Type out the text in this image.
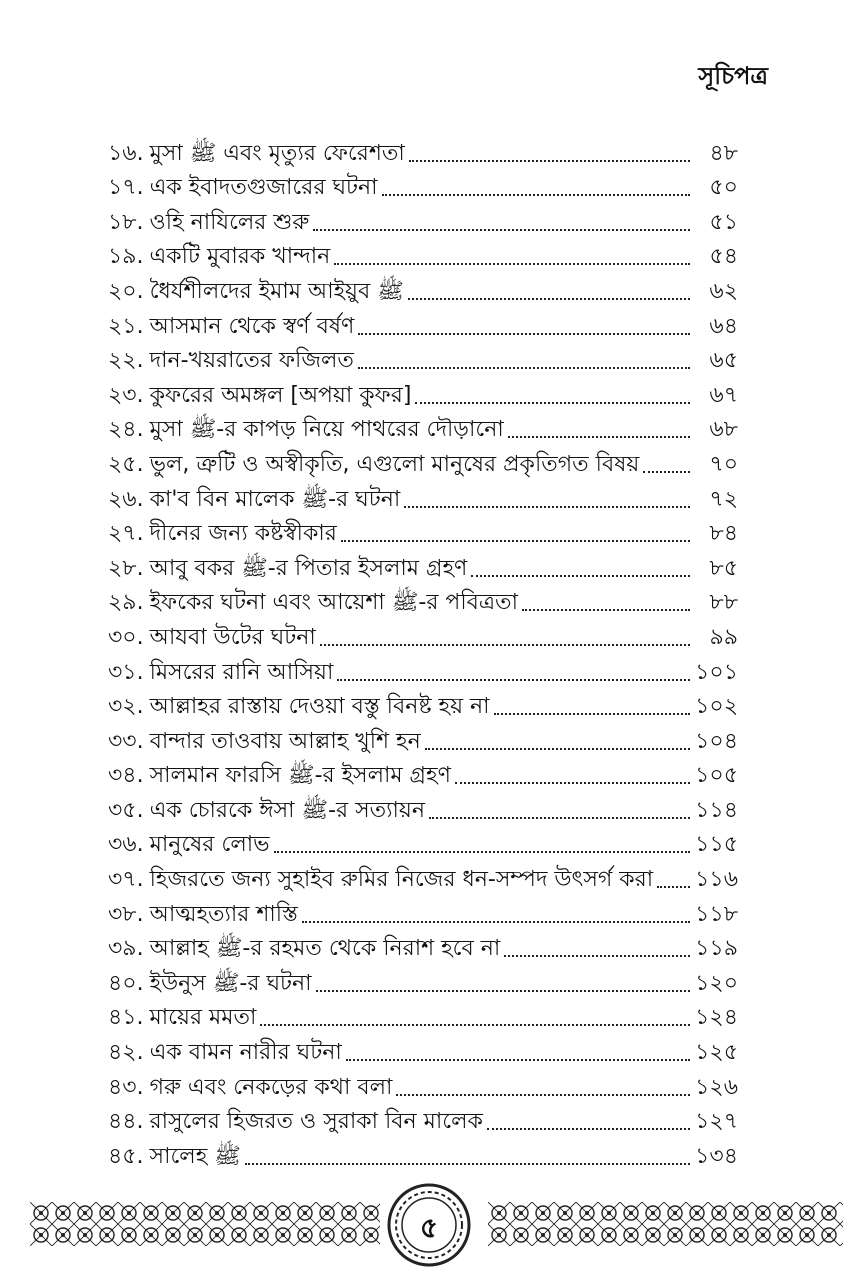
সূচিপত্র
১৬. মুসা ﷺ এবং মৃত্যুর ফেরেশতা	৪৮
১৭. এক ইবাদতগুজারের ঘটনা	৫০
১৮. ওহি নাযিলের শুরু	৫১
১৯. একটি মুবারক খান্দান	৫৪
২০. ধৈর্যশীলদের ইমাম আইয়ুব ﷺ	৬২
২১. আসমান থেকে স্বর্ণ বর্ষণ	৬৪
২২. দান-খয়রাতের ফজিলত	৬৫
২৩. কুফরের অমঙ্গল [অপয়া কুফর]	৬৭
২৪. মুসা ﷺ-র কাপড় নিয়ে পাথরের দৌড়ানো	৬৮
২৫. ভুল, ত্রুটি ও অস্বীকৃতি, এগুলো মানুষের প্রকৃতিগত বিষয়	৭০
২৬. কা'ব বিন মালেক ﷺ-র ঘটনা	৭২
২৭. দীনের জন্য কষ্টস্বীকার	৮৪
২৮. আবু বকর ﷺ-র পিতার ইসলাম গ্রহণ	৮৫
২৯. ইফকের ঘটনা এবং আয়েশা ﷺ-র পবিত্রতা	৮৮
৩০. আযবা উটের ঘটনা	৯৯
৩১. মিসরের রানি আসিয়া	১০১
৩২. আল্লাহর রাস্তায় দেওয়া বস্তু বিনষ্ট হয় না	১০২
৩৩. বান্দার তাওবায় আল্লাহ খুশি হন	১০৪
৩৪. সালমান ফারসি ﷺ-র ইসলাম গ্রহণ	১০৫
৩৫. এক চোরকে ঈসা ﷺ-র সত্যায়ন	১১৪
৩৬. মানুষের লোভ	১১৫
৩৭. হিজরতে জন্য সুহাইব রুমির নিজের ধন-সম্পদ উৎসর্গ করা ১১৬
৩৮. আত্মহত্যার শাস্তি	১১৮
৩৯. আল্লাহ ﷺ-র রহমত থেকে নিরাশ হবে না	১১৯
৪০. ইউনুস ﷺ-র ঘটনা	১২০
৪১. মায়ের মমতা	১২৪
৪২. এক বামন নারীর ঘটনা	১২৫
৪৩. গরু এবং নেকড়ের কথা বলা	১২৬
৪৪. রাসুলের হিজরত ও সুরাকা বিন মালেক	১২৭
৪৫. সালেহ ﷺ	১৩৪
৫
